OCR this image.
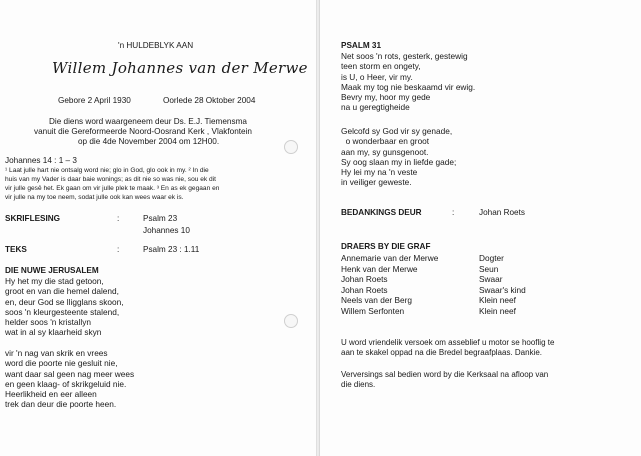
'n HULDEBLYK AAN
Willem Johannes van der Merwe
Gebore 2 April 1930	Oorlede 28 Oktober 2004
Die diens word waargeneem deur Ds. E.J. Tiemensma
vanuit die Gereformeerde Noord-Oosrand Kerk , Vlakfontein
op die 4de November 2004 om 12H00.
Johannes 14 : 1 – 3
¹ Laat julle hart nie ontsalg word nie; glo in God, glo ook in my. ² In die
huis van my Vader is daar baie wonings; as dit nie so was nie, sou ek dit
vir julle gesê het. Ek gaan om vir julle plek te maak. ³ En as ek gegaan en
vir julle na my toe neem, sodat julle ook kan wees waar ek is.
SKRIFLESING	:	Psalm 23
Johannes 10
TEKS	:	Psalm 23 : 1.11
DIE NUWE JERUSALEM
Hy het my die stad getoon,
groot en van die hemel dalend,
en, deur God se lligglans skoon,
soos 'n kleurgesteente stalend,
helder soos 'n kristallyn
wat in al sy klaarheid skyn
vir 'n nag van skrik en vrees
word die poorte nie gesluit nie,
want daar sal geen nag meer wees
en geen klaag- of skrikgeluid nie.
Heerlikheid en eer alleen
trek dan deur die poorte heen.
PSALM 31
Net soos 'n rots, gesterk, gestewig
teen storm en ongety,
is U, o Heer, vir my.
Maak my tog nie beskaamd vir ewig.
Bevry my, hoor my gede
na u geregtigheide
Gelcofd sy God vir sy genade,
o wonderbaar en groot
aan my, sy gunsgenoot.
Sy oog slaan my in liefde gade;
Hy lei my na 'n veste
in veiliger geweste.
BEDANKINGS DEUR	:	Johan Roets
DRAERS BY DIE GRAF
Annemarie van der Merwe	Dogter
Henk van der Merwe	Seun
Johan Roets	Swaar
Johan Roets	Swaar's kind
Neels van der Berg	Klein neef
Willem Serfonten	Klein neef
U word vriendelik versoek om asseblief u motor se hooflig te
aan te skakel oppad na die Bredel begraafplaas. Dankie.
Verversings sal bedien word by die Kerksaal na afloop van
die diens.
